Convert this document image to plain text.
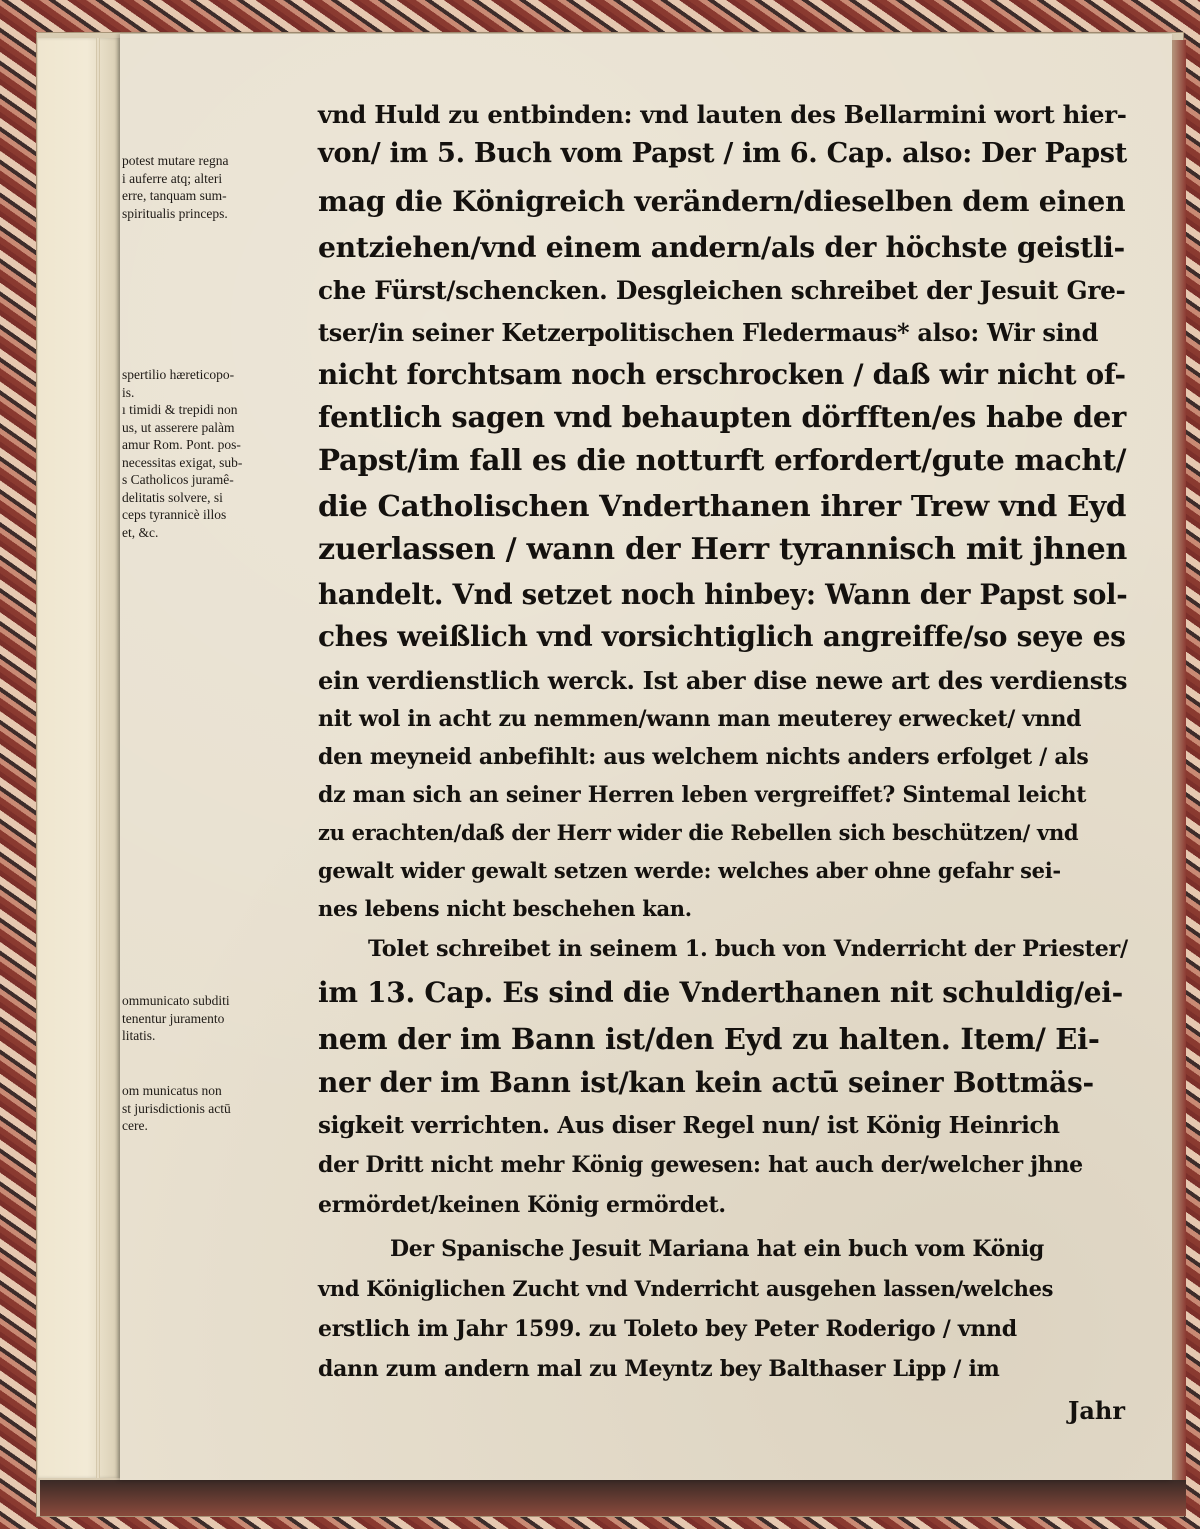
potest mutare regna
i auferre atq; alteri
erre, tanquam sum-
spiritualis princeps.
spertilio hæreticopo-
is.
ı timidi & trepidi non
us, ut asserere palàm
amur Rom. Pont. pos-
necessitas exigat, sub-
s Catholicos juramê-
delitatis solvere, si
ceps tyrannicè illos
et, &c.
ommunicato subditi
tenentur juramento
litatis.
om municatus non
st jurisdictionis actū
cere.
vnd Huld zu entbinden: vnd lauten des Bellarmini wort hier-
von/ im 5. Buch vom Papst / im 6. Cap. also: Der Papst
mag die Königreich verändern/dieselben dem einen
entziehen/vnd einem andern/als der höchste geistli-
che Fürst/schencken. Desgleichen schreibet der Jesuit Gre-
tser/in seiner Ketzerpolitischen Fledermaus* also: Wir sind
nicht forchtsam noch erschrocken / daß wir nicht of-
fentlich sagen vnd behaupten dörfften/es habe der
Papst/im fall es die notturft erfordert/gute macht/
die Catholischen Vnderthanen ihrer Trew vnd Eyd
zuerlassen / wann der Herr tyrannisch mit jhnen
handelt. Vnd setzet noch hinbey: Wann der Papst sol-
ches weißlich vnd vorsichtiglich angreiffe/so seye es
ein verdienstlich werck. Ist aber dise newe art des verdiensts
nit wol in acht zu nemmen/wann man meuterey erwecket/ vnnd
den meyneid anbefihlt: aus welchem nichts anders erfolget / als
dz man sich an seiner Herren leben vergreiffet? Sintemal leicht
zu erachten/daß der Herr wider die Rebellen sich beschützen/ vnd
gewalt wider gewalt setzen werde: welches aber ohne gefahr sei-
nes lebens nicht beschehen kan.
Tolet schreibet in seinem 1. buch von Vnderricht der Priester/
im 13. Cap. Es sind die Vnderthanen nit schuldig/ei-
nem der im Bann ist/den Eyd zu halten. Item/ Ei-
ner der im Bann ist/kan kein actū seiner Bottmäs-
sigkeit verrichten. Aus diser Regel nun/ ist König Heinrich
der Dritt nicht mehr König gewesen: hat auch der/welcher jhne
ermördet/keinen König ermördet.
Der Spanische Jesuit Mariana hat ein buch vom König
vnd Königlichen Zucht vnd Vnderricht ausgehen lassen/welches
erstlich im Jahr 1599. zu Toleto bey Peter Roderigo / vnnd
dann zum andern mal zu Meyntz bey Balthaser Lipp / im
Jahr
